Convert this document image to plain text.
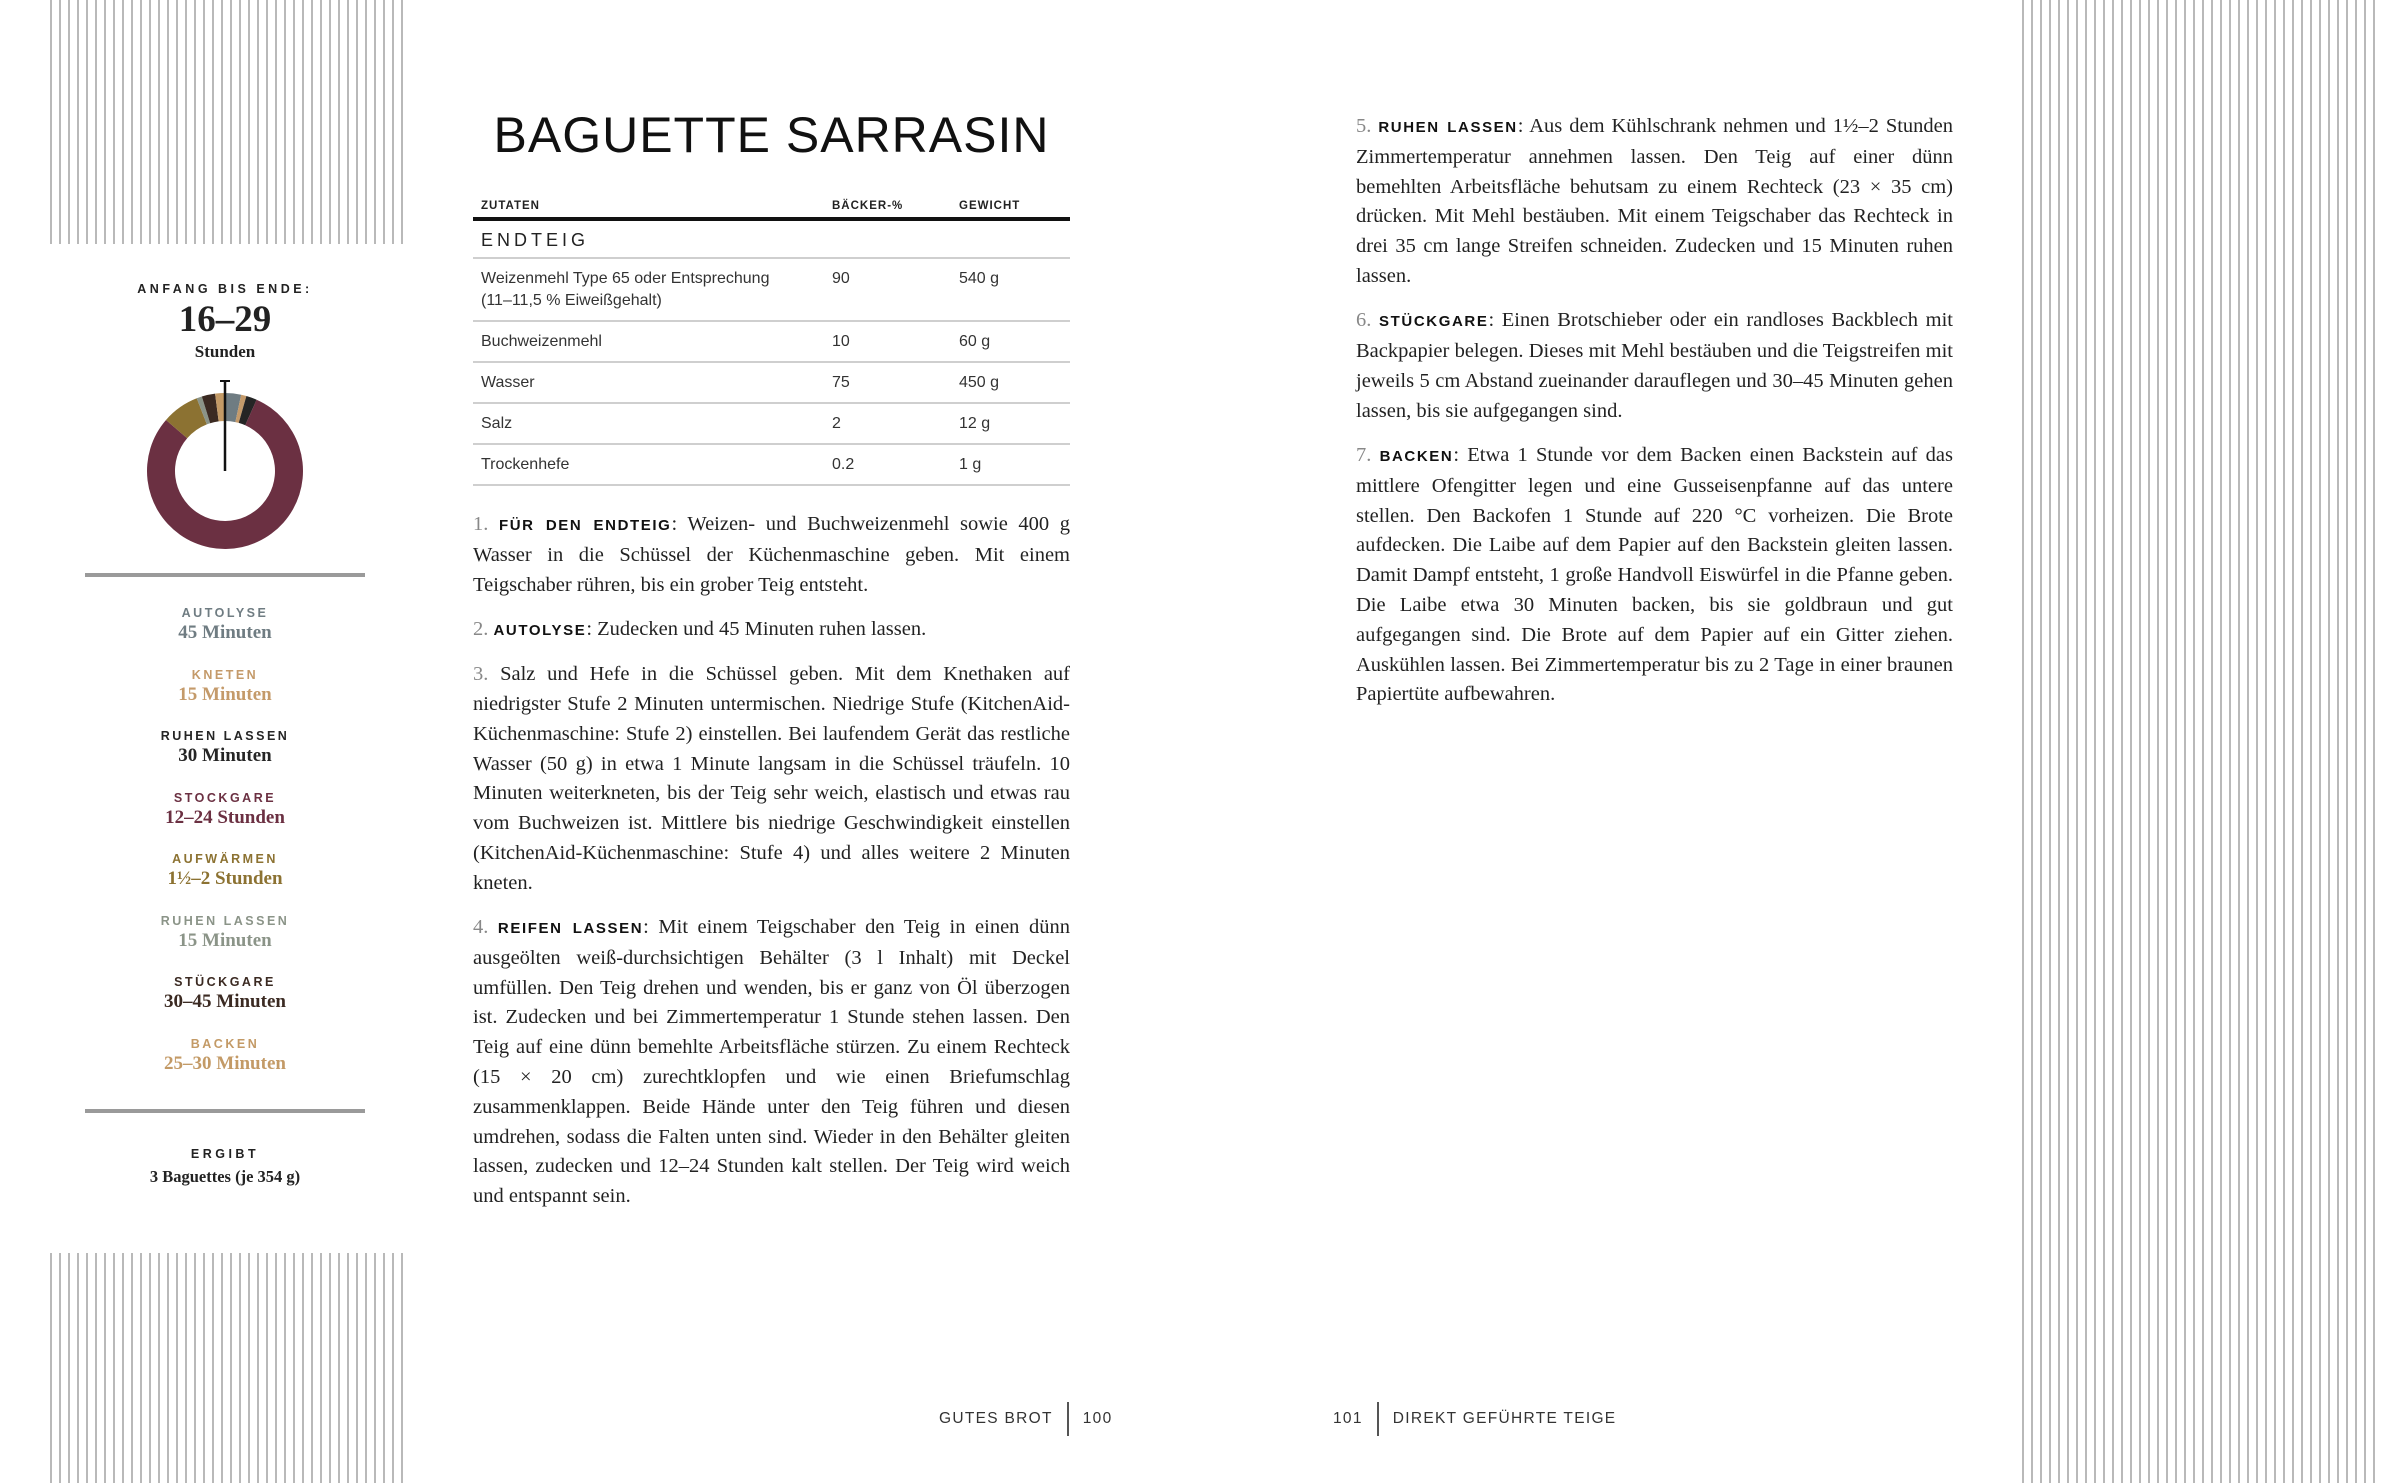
ANFANG BIS ENDE:
16–29
Stunden
AUTOLYSE
45 Minuten
KNETEN
15 Minuten
RUHEN LASSEN
30 Minuten
STOCKGARE
12–24 Stunden
AUFWÄRMEN
1½–2 Stunden
RUHEN LASSEN
15 Minuten
STÜCKGARE
30–45 Minuten
BACKEN
25–30 Minuten
ERGIBT
3 Baguettes (je 354 g)
BAGUETTE SARRASIN
ZUTATEN	BÄCKER-%	GEWICHT
ENDTEIG		
Weizenmehl Type 65 oder Entsprechung
(11–11,5 % Eiweißgehalt)	90	540 g
Buchweizenmehl	10	60 g
Wasser	75	450 g
Salz	2	12 g
Trockenhefe	0.2	1 g

1. FÜR DEN ENDTEIG: Weizen- und Buchweizenmehl sowie 400 g Wasser in die Schüssel der Küchenmaschine geben. Mit einem Teigschaber rühren, bis ein grober Teig entsteht.

2. AUTOLYSE: Zudecken und 45 Minuten ruhen lassen.

3. Salz und Hefe in die Schüssel geben. Mit dem Knethaken auf niedrigster Stufe 2 Minuten untermischen. Niedrige Stufe (KitchenAid-Küchenmaschine: Stufe 2) einstellen. Bei laufendem Gerät das restliche Wasser (50 g) in etwa 1 Minute langsam in die Schüssel träufeln. 10 Minuten weiterkneten, bis der Teig sehr weich, elastisch und etwas rau vom Buchweizen ist. Mittlere bis niedrige Geschwindigkeit einstellen (KitchenAid-Küchenmaschine: Stufe 4) und alles weitere 2 Minuten kneten.

4. REIFEN LASSEN: Mit einem Teigschaber den Teig in einen dünn ausgeölten weiß-durchsichtigen Behälter (3 l Inhalt) mit Deckel umfüllen. Den Teig drehen und wenden, bis er ganz von Öl überzogen ist. Zudecken und bei Zimmertemperatur 1 Stunde stehen lassen. Den Teig auf eine dünn bemehlte Arbeitsfläche stürzen. Zu einem Rechteck (15 × 20 cm) zurechtklopfen und wie einen Briefumschlag zusammenklappen. Beide Hände unter den Teig führen und diesen umdrehen, sodass die Falten unten sind. Wieder in den Behälter gleiten lassen, zudecken und 12–24 Stunden kalt stellen. Der Teig wird weich und entspannt sein.

5. RUHEN LASSEN: Aus dem Kühlschrank nehmen und 1½–2 Stunden Zimmertemperatur annehmen lassen. Den Teig auf einer dünn bemehlten Arbeitsfläche behutsam zu einem Rechteck (23 × 35 cm) drücken. Mit Mehl bestäuben. Mit einem Teigschaber das Rechteck in drei 35 cm lange Streifen schneiden. Zudecken und 15 Minuten ruhen lassen.

6. STÜCKGARE: Einen Brotschieber oder ein randloses Backblech mit Backpapier belegen. Dieses mit Mehl bestäuben und die Teigstreifen mit jeweils 5 cm Abstand zueinander darauflegen und 30–45 Minuten gehen lassen, bis sie aufgegangen sind.

7. BACKEN: Etwa 1 Stunde vor dem Backen einen Backstein auf das mittlere Ofengitter legen und eine Gusseisenpfanne auf das untere stellen. Den Backofen 1 Stunde auf 220 °C vorheizen. Die Brote aufdecken. Die Laibe auf dem Papier auf den Backstein gleiten lassen. Damit Dampf entsteht, 1 große Handvoll Eiswürfel in die Pfanne geben. Die Laibe etwa 30 Minuten backen, bis sie goldbraun und gut aufgegangen sind. Die Brote auf dem Papier auf ein Gitter ziehen. Auskühlen lassen. Bei Zimmertemperatur bis zu 2 Tage in einer braunen Papiertüte aufbewahren.

GUTES BROT 100	101 DIREKT GEFÜHRTE TEIGE
